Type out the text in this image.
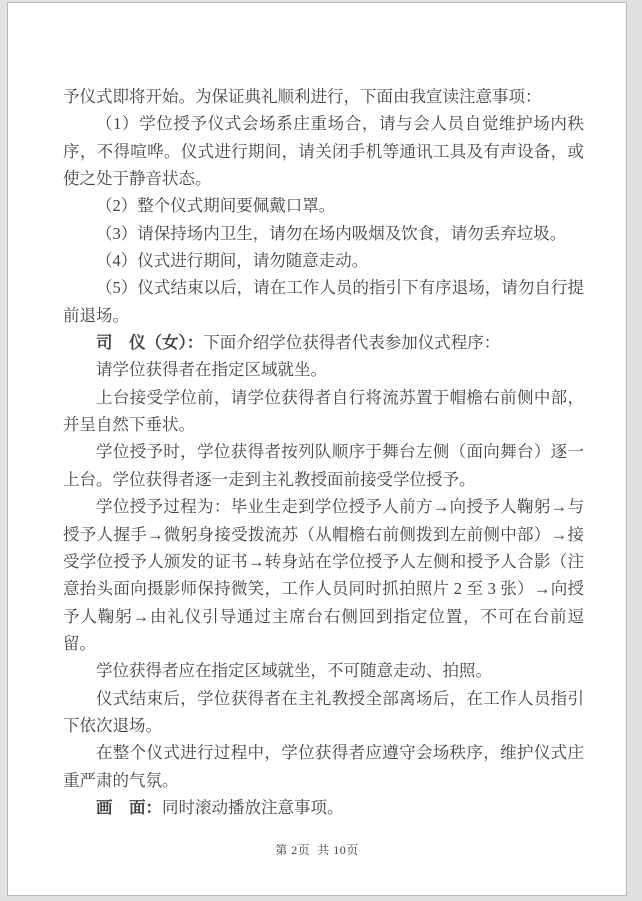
予仪式即将开始。为保证典礼顺利进行，下面由我宣读注意事项：

（1）学位授予仪式会场系庄重场合，请与会人员自觉维护场内秩序，不得喧哗。仪式进行期间，请关闭手机等通讯工具及有声设备，或使之处于静音状态。

（2）整个仪式期间要佩戴口罩。

（3）请保持场内卫生，请勿在场内吸烟及饮食，请勿丢弃垃圾。

（4）仪式进行期间，请勿随意走动。

（5）仪式结束以后，请在工作人员的指引下有序退场，请勿自行提前退场。

司　仪（女）：下面介绍学位获得者代表参加仪式程序：

请学位获得者在指定区域就坐。

上台接受学位前，请学位获得者自行将流苏置于帽檐右前侧中部，并呈自然下垂状。

学位授予时，学位获得者按列队顺序于舞台左侧（面向舞台）逐一上台。学位获得者逐一走到主礼教授面前接受学位授予。

学位授予过程为：毕业生走到学位授予人前方→向授予人鞠躬→与授予人握手→微躬身接受拨流苏（从帽檐右前侧拨到左前侧中部）→接受学位授予人颁发的证书→转身站在学位授予人左侧和授予人合影（注意抬头面向摄影师保持微笑，工作人员同时抓拍照片 2 至 3 张）→向授予人鞠躬→由礼仪引导通过主席台右侧回到指定位置，不可在台前逗留。

学位获得者应在指定区域就坐，不可随意走动、拍照。

仪式结束后，学位获得者在主礼教授全部离场后，在工作人员指引下依次退场。

在整个仪式进行过程中，学位获得者应遵守会场秩序，维护仪式庄重严肃的气氛。

画　面：同时滚动播放注意事项。

第 2页  共 10页
